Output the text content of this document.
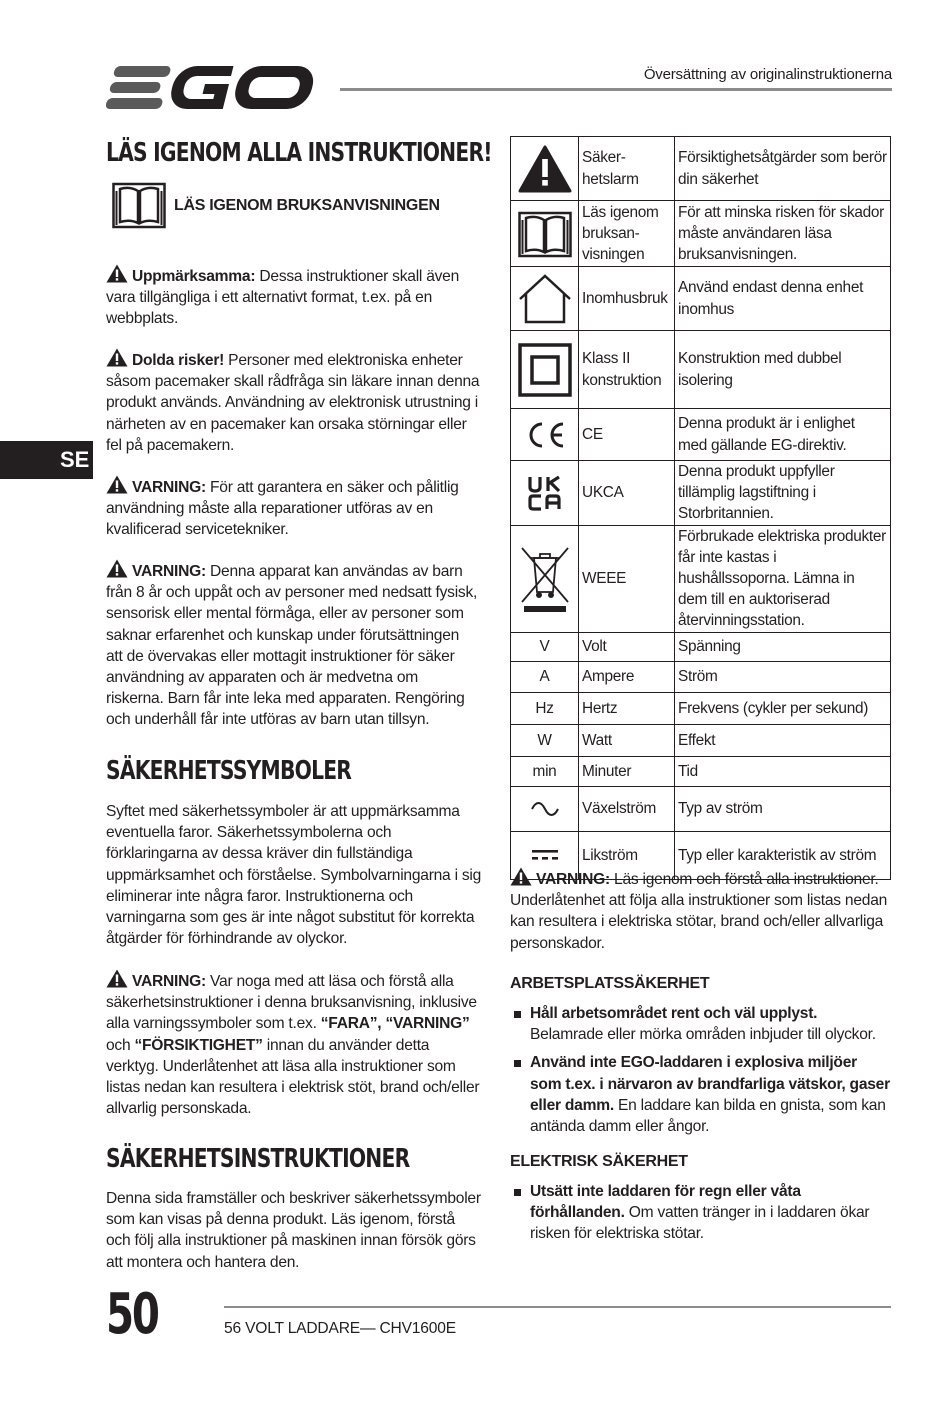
Översättning av originalinstruktionerna
SE
LÄS IGENOM ALLA INSTRUKTIONER!
LÄS IGENOM BRUKSANVISNINGEN
Uppmärksamma: Dessa instruktioner skall även vara tillgängliga i ett alternativt format, t.ex. på en webbplats.
Dolda risker! Personer med elektroniska enheter såsom pacemaker skall rådfråga sin läkare innan denna produkt används. Användning av elektronisk utrustning i närheten av en pacemaker kan orsaka störningar eller fel på pacemakern.
VARNING: För att garantera en säker och pålitlig användning måste alla reparationer utföras av en kvalificerad servicetekniker.
VARNING: Denna apparat kan användas av barn från 8 år och uppåt och av personer med nedsatt fysisk, sensorisk eller mental förmåga, eller av personer som saknar erfarenhet och kunskap under förutsättningen att de övervakas eller mottagit instruktioner för säker användning av apparaten och är medvetna om riskerna. Barn får inte leka med apparaten. Rengöring och underhåll får inte utföras av barn utan tillsyn.
SÄKERHETSSYMBOLER
Syftet med säkerhetssymboler är att uppmärksamma eventuella faror. Säkerhetssymbolerna och förklaringarna av dessa kräver din fullständiga uppmärksamhet och förståelse. Symbolvarningarna i sig eliminerar inte några faror. Instruktionerna och varningarna som ges är inte något substitut för korrekta åtgärder för förhindrande av olyckor.
VARNING: Var noga med att läsa och förstå alla säkerhetsinstruktioner i denna bruksanvisning, inklusive alla varningssymboler som t.ex. “FARA”, “VARNING” och “FÖRSIKTIGHET” innan du använder detta verktyg. Underlåtenhet att läsa alla instruktioner som listas nedan kan resultera i elektrisk stöt, brand och/eller allvarlig personskada.
SÄKERHETSINSTRUKTIONER
Denna sida framställer och beskriver säkerhetssymboler som kan visas på denna produkt. Läs igenom, förstå och följ alla instruktioner på maskinen innan försök görs att montera och hantera den.
	Säker-
hetslarm	Försiktighetsåtgärder som berör din säkerhet

	Läs igenom
bruksan-
visningen	För att minska risken för skador måste användaren läsa bruksanvisningen.

	Inomhusbruk	Använd endast denna enhet inomhus

	Klass II
konstruktion	Konstruktion med dubbel isolering

	CE	Denna produkt är i enlighet med gällande EG-direktiv.

	UKCA	Denna produkt uppfyller tillämplig lagstiftning i Storbritannien.

	WEEE	Förbrukade elektriska produkter får inte kastas i hushållssoporna. Lämna in dem till en auktoriserad återvinningsstation.
V	Volt	Spänning
A	Ampere	Ström
Hz	Hertz	Frekvens (cykler per sekund)
W	Watt	Effekt
min	Minuter	Tid

	Växelström	Typ av ström

	Likström	Typ eller karakteristik av ström
VARNING: Läs igenom och förstå alla instruktioner. Underlåtenhet att följa alla instruktioner som listas nedan kan resultera i elektriska stötar, brand och/eller allvarliga personskador.
ARBETSPLATSSÄKERHET
Håll arbetsområdet rent och väl upplyst. Belamrade eller mörka områden inbjuder till olyckor.
Använd inte EGO-laddaren i explosiva miljöer som t.ex. i närvaron av brandfarliga vätskor, gaser eller damm. En laddare kan bilda en gnista, som kan antända damm eller ångor.
ELEKTRISK SÄKERHET
Utsätt inte laddaren för regn eller våta förhållanden. Om vatten tränger in i laddaren ökar risken för elektriska stötar.
50	56 VOLT LADDARE— CHV1600E
